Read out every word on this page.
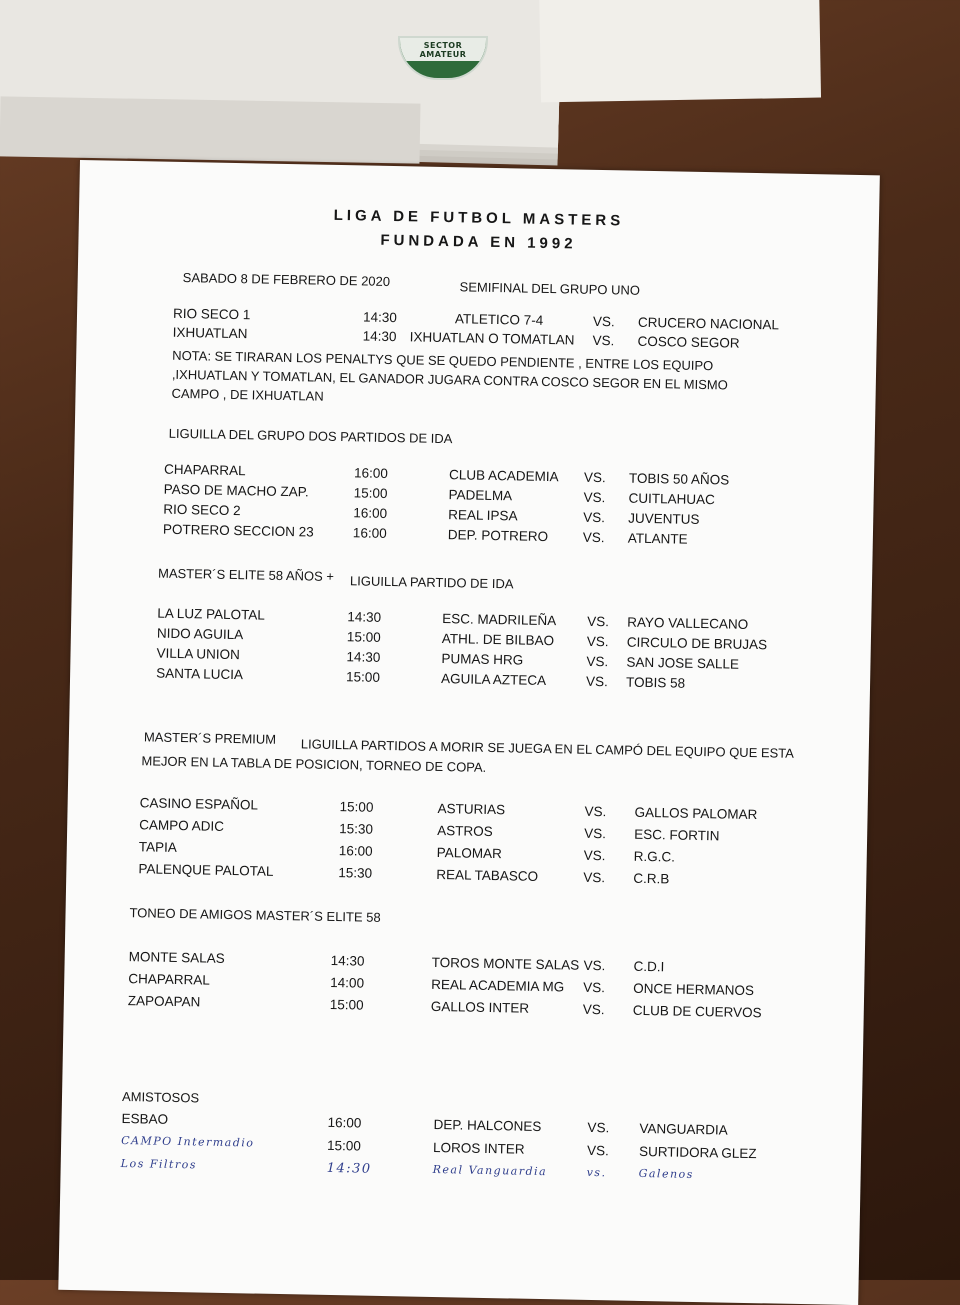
SECTOR AMATEUR
LIGA DE FUTBOL MASTERS
FUNDADA EN 1992
SABADO 8 DE FEBRERO DE 2020	SEMIFINAL DEL GRUPO UNO
RIO SECO 1	14:30	ATLETICO 7-4	VS. CRUCERO NACIONAL
IXHUATLAN	14:30 IXHUATLAN O TOMATLAN VS. COSCO SEGOR
NOTA: SE TIRARAN LOS PENALTYS QUE SE QUEDO PENDIENTE , ENTRE LOS EQUIPO ,IXHUATLAN Y TOMATLAN, EL GANADOR JUGARA CONTRA COSCO SEGOR EN EL MISMO CAMPO , DE IXHUATLAN
LIGUILLA DEL GRUPO DOS PARTIDOS DE IDA
CHAPARRAL	16:00	CLUB ACADEMIA VS. TOBIS 50 AÑOS
PASO DE MACHO ZAP.	15:00	PADELMA	VS. CUITLAHUAC
RIO SECO 2	16:00	REAL IPSA	VS. JUVENTUS
POTRERO SECCION 23	16:00	DEP. POTRERO	VS. ATLANTE
MASTER´S ELITE 58 AÑOS + LIGUILLA PARTIDO DE IDA
LA LUZ PALOTAL	14:30	ESC. MADRILEÑA VS. RAYO VALLECANO
NIDO AGUILA	15:00	ATHL. DE BILBAO VS. CIRCULO DE BRUJAS
VILLA UNION	14:30	PUMAS HRG	VS. SAN JOSE SALLE
SANTA LUCIA	15:00	AGUILA AZTECA	VS. TOBIS 58
MASTER´S PREMIUM LIGUILLA PARTIDOS A MORIR SE JUEGA EN EL CAMPÓ DEL EQUIPO QUE ESTA
MEJOR EN LA TABLA DE POSICION, TORNEO DE COPA.
CASINO ESPAÑOL	15:00	ASTURIAS	VS. GALLOS PALOMAR
CAMPO ADIC	15:30	ASTROS	VS. ESC. FORTIN
TAPIA	16:00	PALOMAR	VS. R.G.C.
PALENQUE PALOTAL	15:30	REAL TABASCO	VS. C.R.B
TONEO DE AMIGOS MASTER´S ELITE 58
MONTE SALAS	14:30	TOROS MONTE SALAS VS. C.D.I
CHAPARRAL	14:00	REAL ACADEMIA MG VS. ONCE HERMANOS
ZAPOAPAN	15:00	GALLOS INTER	VS. CLUB DE CUERVOS
AMISTOSOS
ESBAO	16:00	DEP. HALCONES	VS. VANGUARDIA
CAMPO Intermadio	15:00	LOROS INTER	VS. SURTIDORA GLEZ
Los Filtros	14:30	Real Vanguardia	vs.	Galenos
